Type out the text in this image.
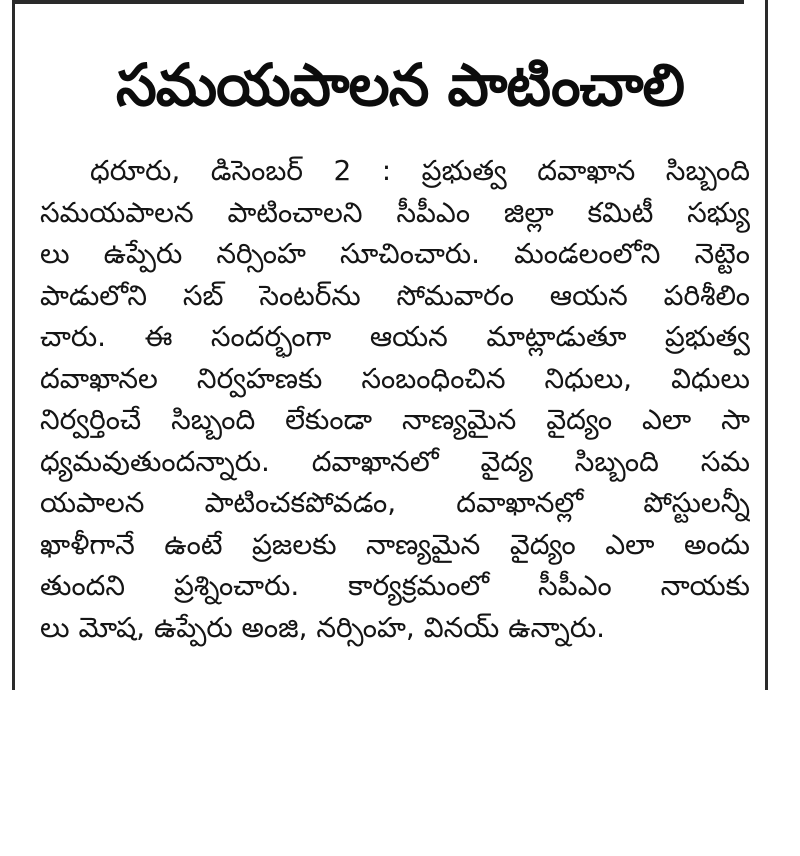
సమయపాలన పాటించాలి
ధరూరు, డిసెంబర్ 2 : ప్రభుత్వ దవాఖాన సిబ్బంది
సమయపాలన పాటించాలని సీపీఎం జిల్లా కమిటీ సభ్యు
లు ఉప్పేరు నర్సింహ సూచించారు. మండలంలోని నెట్టెం
పాడులోని సబ్ సెంటర్‌ను సోమవారం ఆయన పరిశీలిం
చారు. ఈ సందర్భంగా ఆయన మాట్లాడుతూ ప్రభుత్వ
దవాఖానల నిర్వహణకు సంబంధించిన నిధులు, విధులు
నిర్వర్తించే సిబ్బంది లేకుండా నాణ్యమైన వైద్యం ఎలా సా
ధ్యమవుతుందన్నారు. దవాఖానలో వైద్య సిబ్బంది సమ
యపాలన పాటించకపోవడం, దవాఖానల్లో పోస్టులన్నీ
ఖాళీగానే ఉంటే ప్రజలకు నాణ్యమైన వైద్యం ఎలా అందు
తుందని ప్రశ్నించారు. కార్యక్రమంలో సీపీఎం నాయకు
లు మోష, ఉప్పేరు అంజి, నర్సింహ, వినయ్ ఉన్నారు.
